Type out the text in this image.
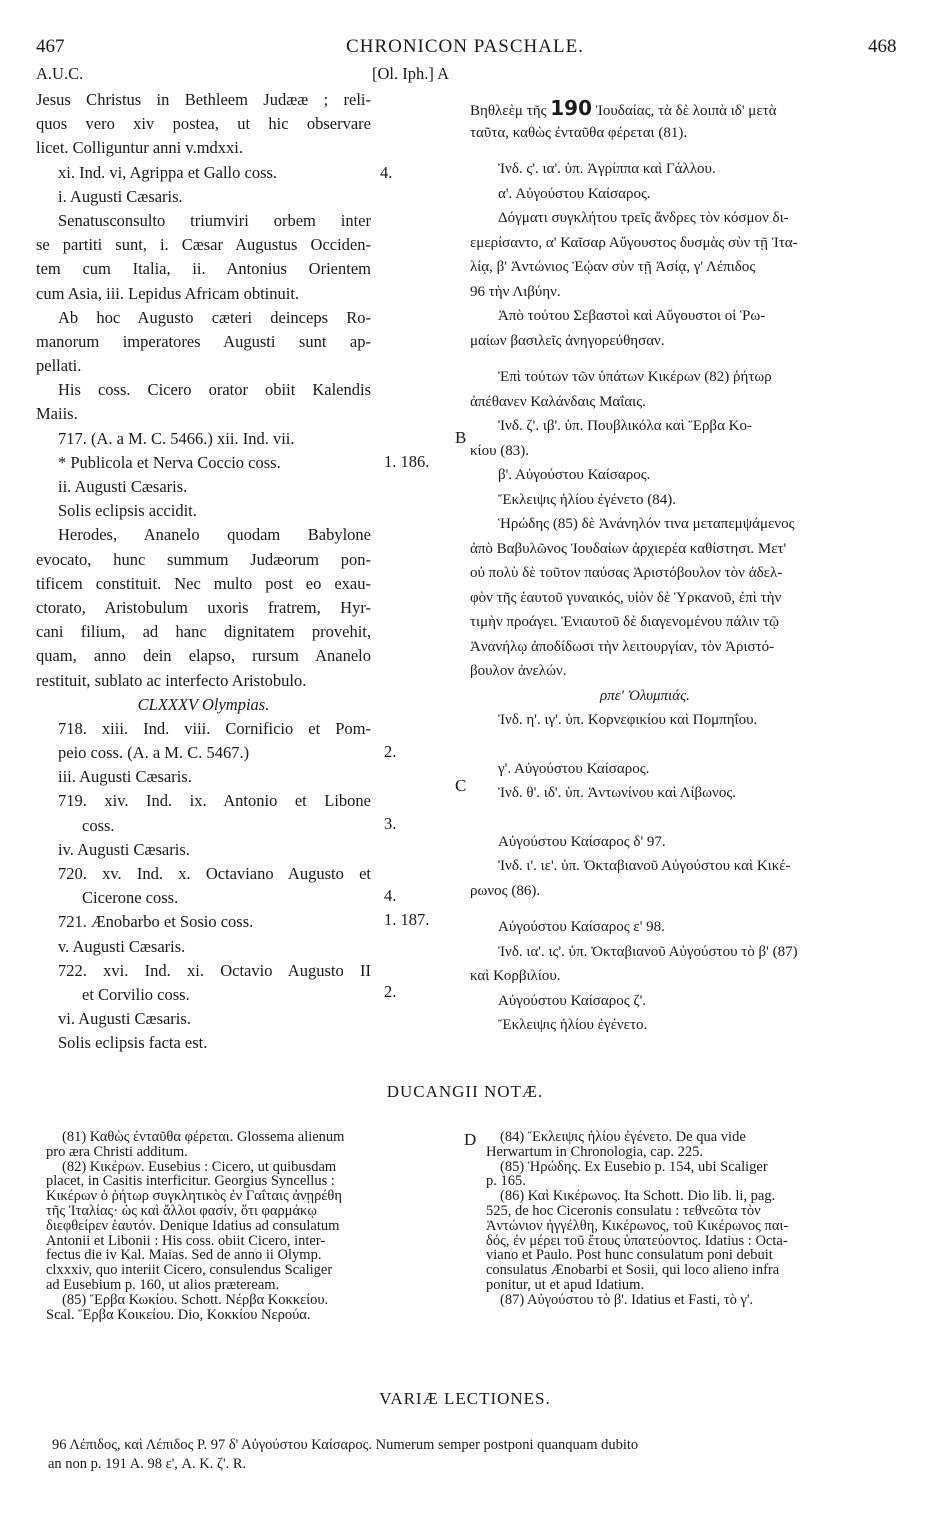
467	CHRONICON PASCHALE.	468
A.U.C.	[Ol. Iph.] A
Jesus Christus in Bethleem Judææ ; reli-
quos vero xiv postea, ut hic observare
licet. Colliguntur anni v.mdxxi.
xi. Ind. vi, Agrippa et Gallo coss.
i. Augusti Cæsaris.
Senatusconsulto triumviri orbem inter
se partiti sunt, i. Cæsar Augustus Occiden-
tem cum Italia, ii. Antonius Orientem
cum Asia, iii. Lepidus Africam obtinuit.
Ab hoc Augusto cæteri deinceps Ro-
manorum imperatores Augusti sunt ap-
pellati.
His coss. Cicero orator obiit Kalendis
Maiis.
717. (A. a M. C. 5466.) xii. Ind. vii.
* Publicola et Nerva Coccio coss.
ii. Augusti Cæsaris.
Solis eclipsis accidit.
Herodes, Ananelo quodam Babylone
evocato, hunc summum Judæorum pon-
tificem constituit. Nec multo post eo exau-
ctorato, Aristobulum uxoris fratrem, Hyr-
cani filium, ad hanc dignitatem provehit,
quam, anno dein elapso, rursum Ananelo
restituit, sublato ac interfecto Aristobulo.
CLXXXV Olympias.
718. xiii. Ind. viii. Cornificio et Pom-
peio coss. (A. a M. C. 5467.)
iii. Augusti Cæsaris.
719. xiv. Ind. ix. Antonio et Libone
coss.
iv. Augusti Cæsaris.
720. xv. Ind. x. Octaviano Augusto et
Cicerone coss.
721. Ænobarbo et Sosio coss.
v. Augusti Cæsaris.
722. xvi. Ind. xi. Octavio Augusto II
et Corvilio coss.
vi. Augusti Cæsaris.
Solis eclipsis facta est.
4.
1. 186.
2.
3.
4.
1. 187.
2.
B
C
D
Βηθλεὲμ τῆς 190 Ἰουδαίας, τὰ δὲ λοιπὰ ιδ' μετὰ
ταῦτα, καθὼς ἐνταῦθα φέρεται (81).
Ἰνδ. ς'. ια'. ὑπ. Ἀγρίππα καὶ Γάλλου.
α'. Αὐγούστου Καίσαρος.
Δόγματι συγκλήτου τρεῖς ἄνδρες τὸν κόσμον δι-
εμερίσαντο, α' Καῖσαρ Αὔγουστος δυσμὰς σὺν τῇ Ἰτα-
λίᾳ, β' Ἀντώνιος Ἑῴαν σὺν τῇ Ἀσίᾳ, γ' Λέπιδος
96 τὴν Λιβύην.
Ἀπὸ τούτου Σεβαστοὶ καὶ Αὔγουστοι οἱ Ῥω-
μαίων βασιλεῖς ἀνηγορεύθησαν.
Ἐπὶ τούτων τῶν ὑπάτων Κικέρων (82) ῥήτωρ
ἀπέθανεν Καλάνδαις Μαΐαις.
Ἰνδ. ζ'. ιβ'. ὑπ. Πουβλικόλα καὶ Ἔρβα Κο-
κίου (83).
β'. Αὐγούστου Καίσαρος.
Ἔκλειψις ἡλίου ἐγένετο (84).
Ἡρώδης (85) δὲ Ἀνάνηλόν τινα μεταπεμψάμενος
ἀπὸ Βαβυλῶνος Ἰουδαίων ἀρχιερέα καθίστησι. Μετ'
οὐ πολὺ δὲ τοῦτον παύσας Ἀριστόβουλον τὸν ἀδελ-
φὸν τῆς ἑαυτοῦ γυναικός, υἱὸν δὲ Ὑρκανοῦ, ἐπὶ τὴν
τιμὴν προάγει. Ἐνιαυτοῦ δὲ διαγενομένου πάλιν τῷ
Ἀνανήλῳ ἀποδίδωσι τὴν λειτουργίαν, τὸν Ἀριστό-
βουλον ἀνελών.
ρπε' Ὀλυμπιάς.
Ἰνδ. η'. ιγ'. ὑπ. Κορνεφικίου καὶ Πομπηΐου.
γ'. Αὐγούστου Καίσαρος.
Ἰνδ. θ'. ιδ'. ὑπ. Ἀντωνίνου καὶ Λίβωνος.
Αὐγούστου Καίσαρος δ' 97.
Ἰνδ. ι'. ιε'. ὑπ. Ὀκταβιανοῦ Αὐγούστου καὶ Κικέ-
ρωνος (86).
Αὐγούστου Καίσαρος ε' 98.
Ἰνδ. ια'. ις'. ὑπ. Ὀκταβιανοῦ Αὐγούστου τὸ β' (87)
καὶ Κορβιλίου.
Αὐγούστου Καίσαρος ζ'.
Ἔκλειψις ἡλίου ἐγένετο.
DUCANGII NOTÆ.
(81) Καθὼς ἐνταῦθα φέρεται. Glossema alienum
pro æra Christi additum.
(82) Κικέρων. Eusebius : Cicero, ut quibusdam
placet, in Casitis interficitur. Georgius Syncellus :
Κικέρων ὁ ῥήτωρ συγκλητικὸς ἐν Γαΐταις ἀνῃρέθη
τῆς Ἰταλίας· ὡς καὶ ἄλλοι φασίν, ὅτι φαρμάκῳ
διεφθείρεν ἑαυτόν. Denique Idatius ad consulatum
Antonii et Libonii : His coss. obiit Cicero, inter-
fectus die iv Kal. Maias. Sed de anno ii Olymp.
clxxxiv, quo interiit Cicero, consulendus Scaliger
ad Eusebium p. 160, ut alios præteream.
(85) Ἔρβα Κωκίου. Schott. Νέρβα Κοκκείου.
Scal. Ἔρβα Κοικείου. Dio, Κοκκίου Νερούα.
(84) Ἔκλειψις ἡλίου ἐγένετο. De qua vide
Herwartum in Chronologia, cap. 225.
(85) Ἡρώδης. Ex Eusebio p. 154, ubi Scaliger
p. 165.
(86) Καὶ Κικέρωνος. Ita Schott. Dio lib. li, pag.
525, de hoc Ciceronis consulatu : τεθνεῶτα τὸν
Ἀντώνιον ἠγγέλθη, Κικέρωνος, τοῦ Κικέρωνος παι-
δός, ἐν μέρει τοῦ ἔτους ὑπατεύοντος. Idatius : Octa-
viano et Paulo. Post hunc consulatum poni debuit
consulatus Ænobarbi et Sosii, qui loco alieno infra
ponitur, ut et apud Idatium.
(87) Αὐγούστου τὸ β'. Idatius et Fasti, τὸ γ'.
VARIÆ LECTIONES.
96 Λέπιδος, καὶ Λέπιδος P. 97 δ' Αὐγούστου Καίσαρος. Numerum semper postponi quanquam dubito
an non p. 191 A. 98 ε', A. K. ζ'. R.
